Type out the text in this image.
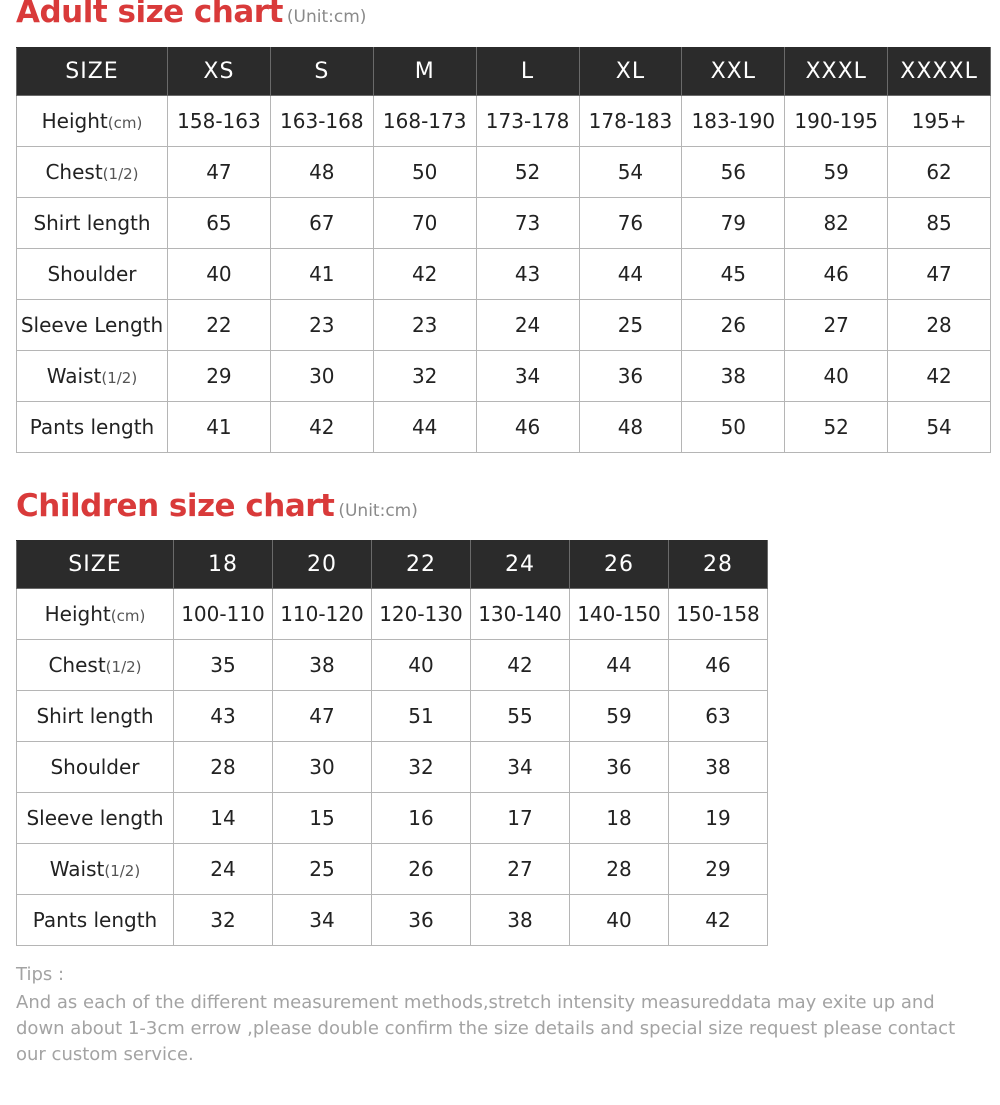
Adult size chart (Unit:cm)
SIZE	XS	S	M	L	XL	XXL	XXXL	XXXXL
Height(cm)	158-163	163-168	168-173	173-178	178-183	183-190	190-195	195+
Chest(1/2)	47	48	50	52	54	56	59	62
Shirt length	65	67	70	73	76	79	82	85
Shoulder	40	41	42	43	44	45	46	47
Sleeve Length	22	23	23	24	25	26	27	28
Waist(1/2)	29	30	32	34	36	38	40	42
Pants length	41	42	44	46	48	50	52	54
Children size chart (Unit:cm)
SIZE	18	20	22	24	26	28
Height(cm)	100-110	110-120	120-130	130-140	140-150	150-158
Chest(1/2)	35	38	40	42	44	46
Shirt length	43	47	51	55	59	63
Shoulder	28	30	32	34	36	38
Sleeve length	14	15	16	17	18	19
Waist(1/2)	24	25	26	27	28	29
Pants length	32	34	36	38	40	42
Tips :
And as each of the different measurement methods,stretch intensity measureddata may exite up and down about 1-3cm errow ,please double confirm the size details and special size request please contact our custom service.
